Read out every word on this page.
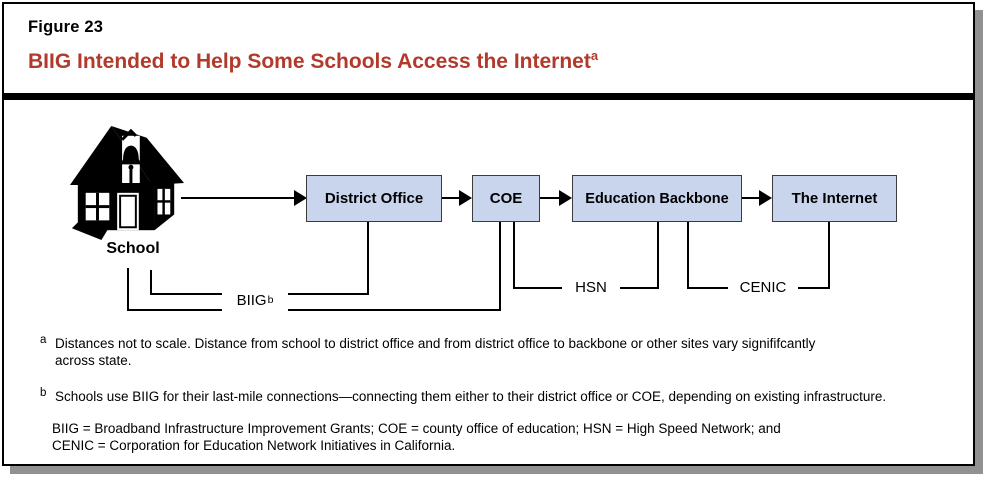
Figure 23
BIIG Intended to Help Some Schools Access the Internet$^a$
School
District Office	COE	Education Backbone	The Internet
BIIG b
HSN	CENIC
a Distances not to scale. Distance from school to district office and from district office to backbone or other sites vary signififcantly
across state.
b Schools use BIIG for their last-mile connections—connecting them either to their district office or COE, depending on existing infrastructure.
BIIG = Broadband Infrastructure Improvement Grants; COE = county office of education; HSN = High Speed Network; and
CENIC = Corporation for Education Network Initiatives in California.
